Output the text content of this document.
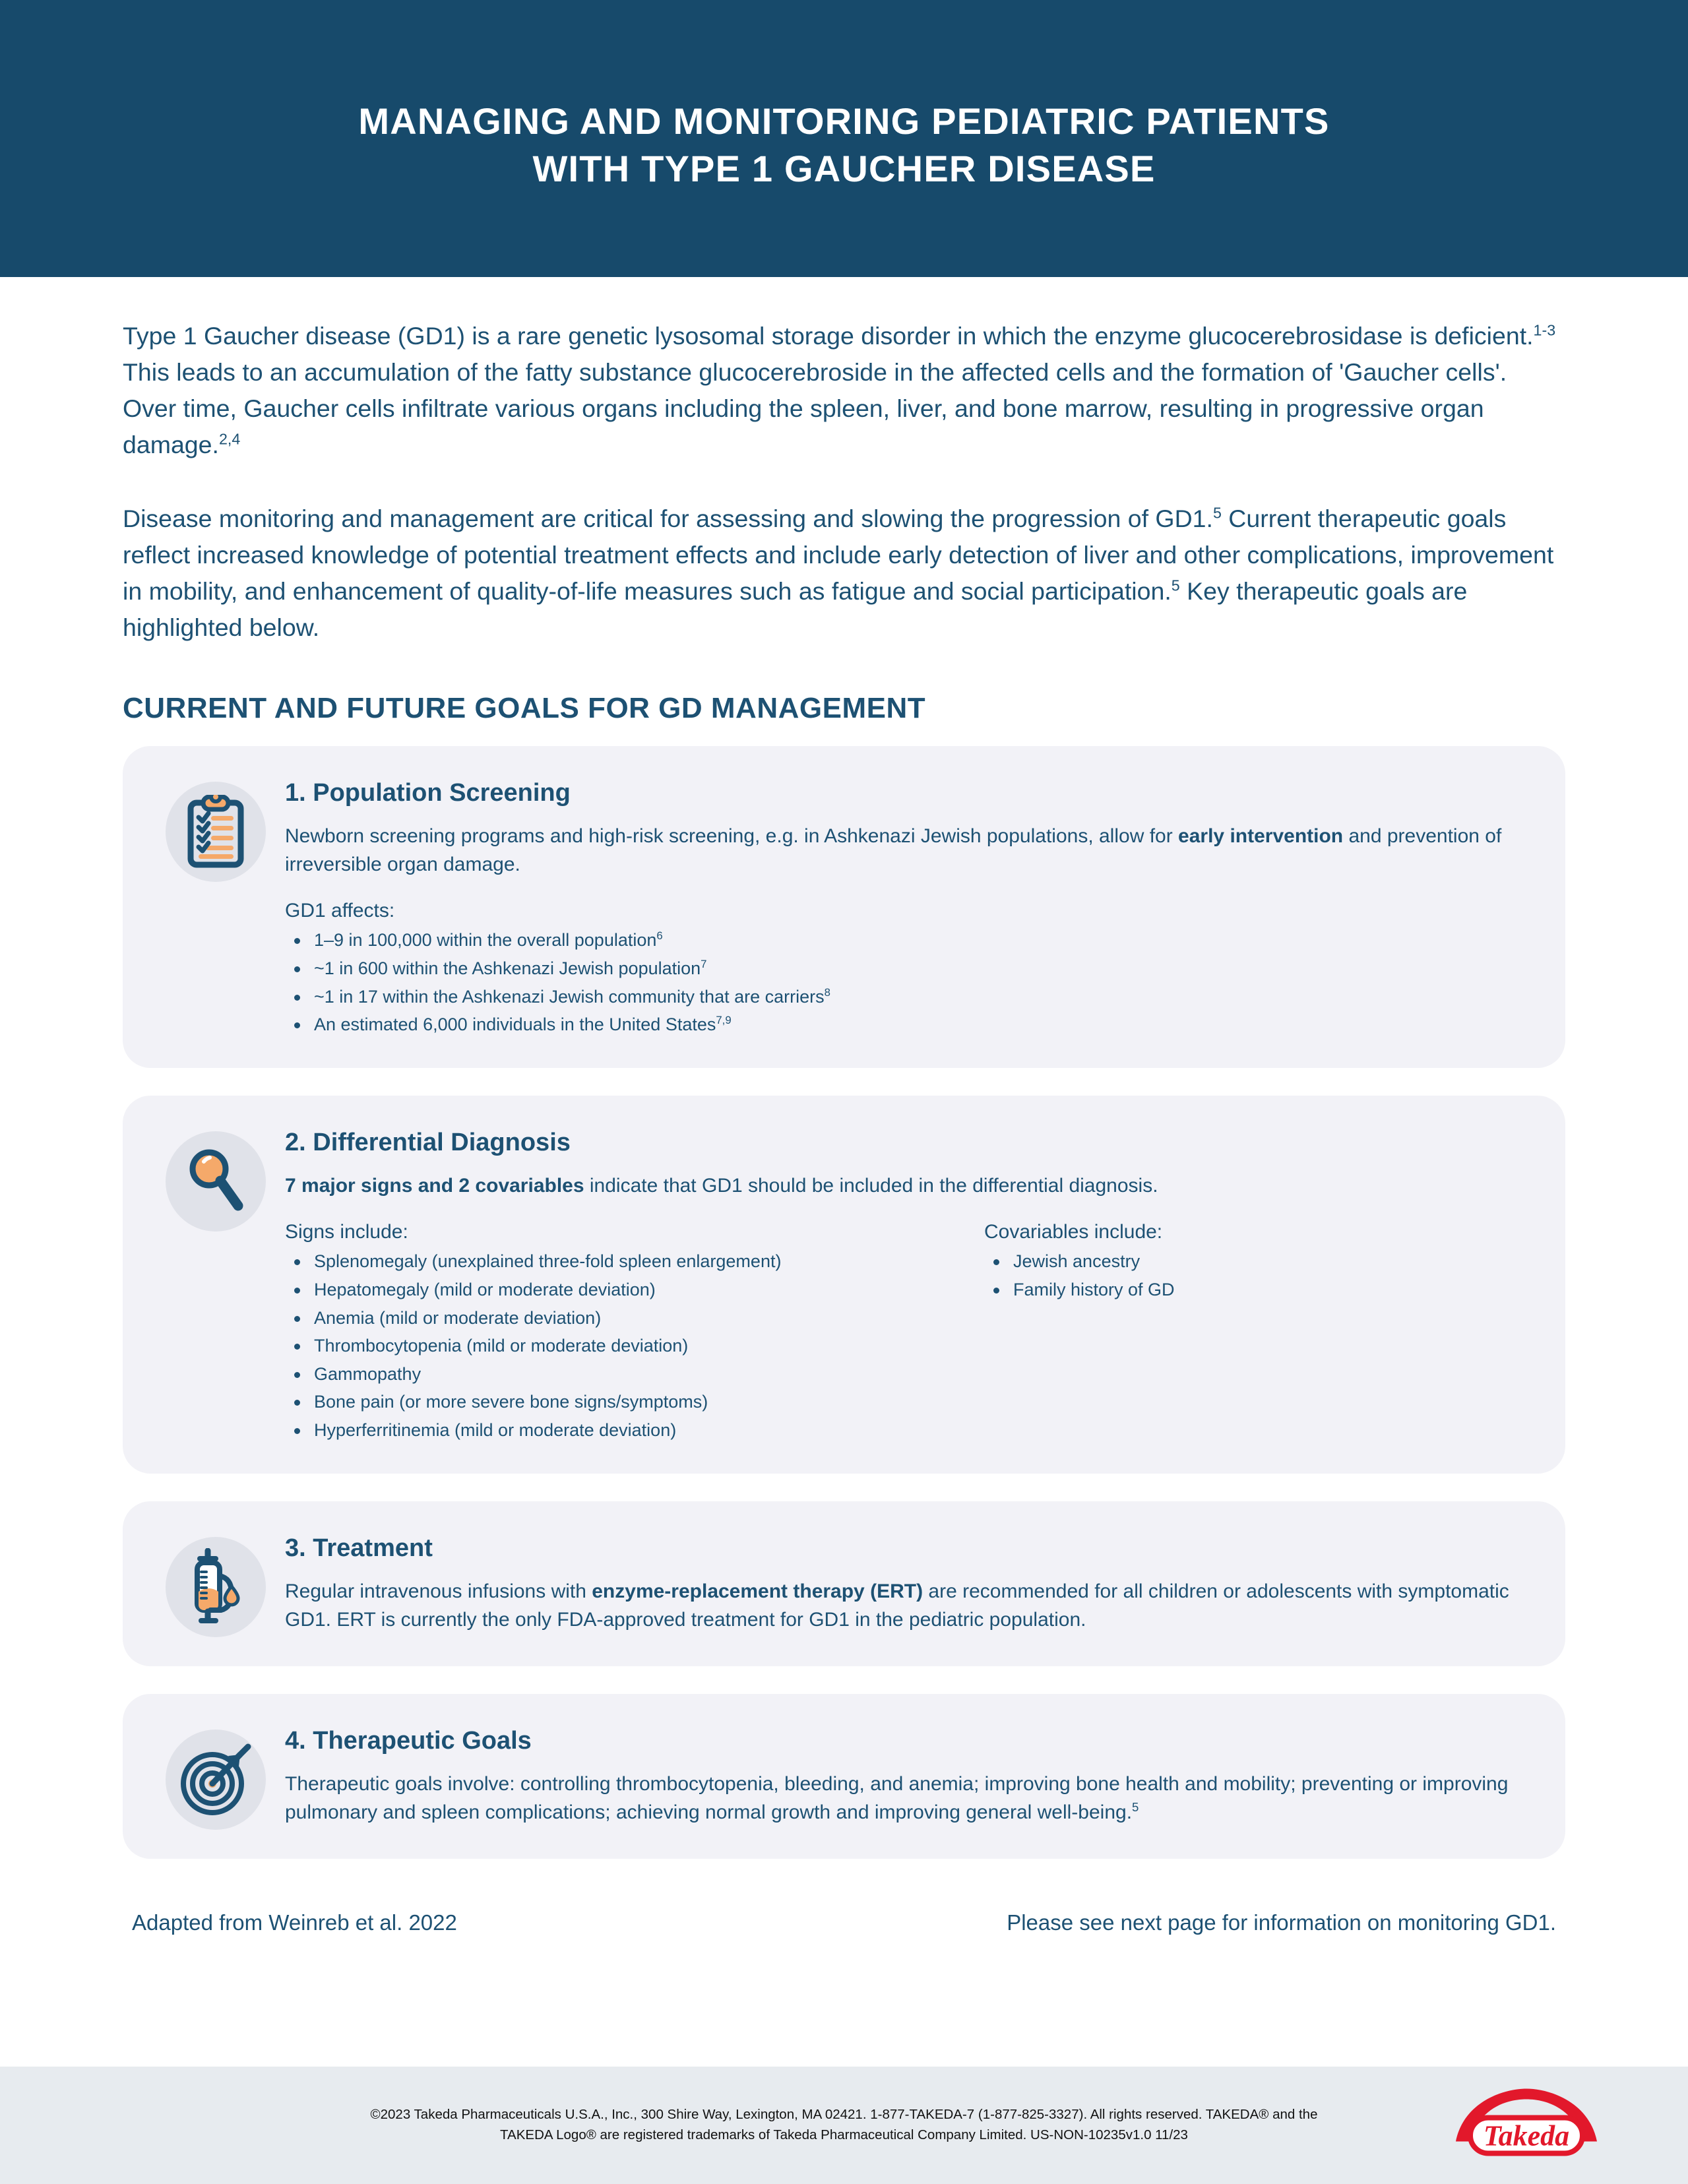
MANAGING AND MONITORING PEDIATRIC PATIENTS
WITH TYPE 1 GAUCHER DISEASE

Type 1 Gaucher disease (GD1) is a rare genetic lysosomal storage disorder in which the enzyme glucocerebrosidase is deficient.$^{1-3}$ This leads to an accumulation of the fatty substance glucocerebroside in the affected cells and the formation of 'Gaucher cells'. Over time, Gaucher cells infiltrate various organs including the spleen, liver, and bone marrow, resulting in progressive organ damage.$^{2,4}$

Disease monitoring and management are critical for assessing and slowing the progression of GD1.$^5$ Current therapeutic goals reflect increased knowledge of potential treatment effects and include early detection of liver and other complications, improvement in mobility, and enhancement of quality-of-life measures such as fatigue and social participation.$^5$ Key therapeutic goals are highlighted below.

CURRENT AND FUTURE GOALS FOR GD MANAGEMENT
1. Population Screening
Newborn screening programs and high-risk screening, e.g. in Ashkenazi Jewish populations, allow for early intervention and prevention of irreversible organ damage.
GD1 affects:
1–9 in 100,000 within the overall population$^6$
~1 in 600 within the Ashkenazi Jewish population$^7$
~1 in 17 within the Ashkenazi Jewish community that are carriers$^8$
An estimated 6,000 individuals in the United States$^{7,9}$
2. Differential Diagnosis
7 major signs and 2 covariables indicate that GD1 should be included in the differential diagnosis.
Signs include:
Splenomegaly (unexplained three-fold spleen enlargement)
Hepatomegaly (mild or moderate deviation)
Anemia (mild or moderate deviation)
Thrombocytopenia (mild or moderate deviation)
Gammopathy
Bone pain (or more severe bone signs/symptoms)
Hyperferritinemia (mild or moderate deviation)
Covariables include:
Jewish ancestry
Family history of GD
3. Treatment
Regular intravenous infusions with enzyme-replacement therapy (ERT) are recommended for all children or adolescents with symptomatic GD1. ERT is currently the only FDA-approved treatment for GD1 in the pediatric population.
4. Therapeutic Goals
Therapeutic goals involve: controlling thrombocytopenia, bleeding, and anemia; improving bone health and mobility; preventing or improving pulmonary and spleen complications; achieving normal growth and improving general well-being.$^5$
Adapted from Weinreb et al. 2022	Please see next page for information on monitoring GD1.
©2023 Takeda Pharmaceuticals U.S.A., Inc., 300 Shire Way, Lexington, MA 02421. 1-877-TAKEDA-7 (1-877-825-3327). All rights reserved. TAKEDA® and the
TAKEDA Logo® are registered trademarks of Takeda Pharmaceutical Company Limited. US-NON-10235v1.0 11/23	Takeda
